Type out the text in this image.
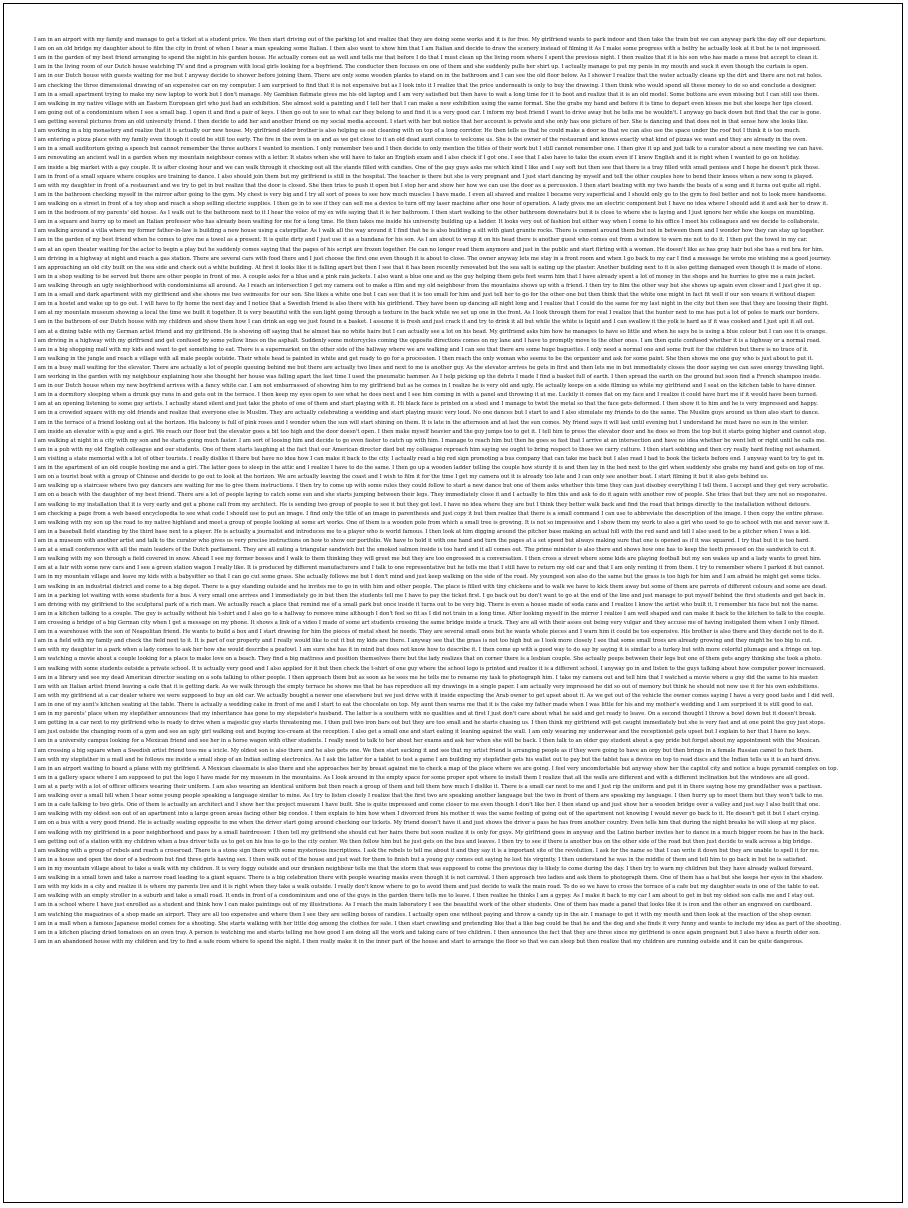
I am in an airport with my family and manage to get a ticket at a student price. We then start driving out of the parking lot and realize that they are doing some works and it is for free. My girlfriend wants to park indoor and then take the train but we can anyway park the day off our departure.
I am on an old bridge my daughter about to film the city in front of when I hear a man speaking some Italian. I then also want to show him that I am Italian and decide to draw the scenery instead of filming it As I make some progress with a belfry he actually look at it but he is not impressed.
I am in the garden of my best friend arranging to spend the night in his garden house. He actually comes out as well and tells me that before I do that I must clean up the living room where I spent the previous night. I then realize that it is his son who has made a mess but accept to clean it.
I am in the living room of our Dutch house watching TV and find a program with local girls looking for a boyfriend. The conductor then focuses on one of them and she suddenly pulls her shirt up. I actually manage to put my penis in my mouth and suck it even though the curtain is open.
I am in our Dutch house with guests waiting for me but I anyway decide to shower before joining them. There are only some wooden planks to stand on in the bathroom and I can see the old floor below. As I shower I realize that the water actually cleans up the dirt and there are not rat holes.
I am checking the three dimensional drawing of an expensive car on my computer. I am surprised to find that it is not expensive but as I look into it I realize that the price underneath is only to buy the drawing. I then think who would spend all these money to do so and conclude a designer.
I am in a small apartment trying to make my new laptop to work but I don't manage. My Gambian flatmate gives me his old laptop and I am very satisfied but then have to wait a long time for it to boot and realize that it is an old model. Some buttons are even missing but I can still use them.
I am walking in my native village with an Eastern European girl who just had an exhibition. She almost sold a painting and I tell her that I can make a new exhibition using the same format. She the grabs my hand and before it is time to depart even kisses me but she keeps her lips closed.
I am going out of a condominium when I see a small bag. I open it and find a pair of keys. I then go out to see to what car they belong to and find it is a very good car. I inform my best friend I want to drive away but he tells me he wouldn't. I anyway go back down but find that the car is gone.
I am getting several pictures from an old university friend. I then decide to add her and another friend on my social media account. I start with her but notice that her account is private and she only has one picture of her. She is dancing and that does not in that sense how she looks like.
I am working in a big monastery and realize that it is actually our new house. My girlfriend older brother is also helping us out cleaning with on top of a long corridor. He then tells us that he could make a door so that we can also use the space under the roof but I think it is too much.
I am entering a pizza place with my family even though it could be still too early. The fire in the oven is on and as we get close to it an old dead aunt comes to welcome us. She is the owner of the restaurant and knows exactly what kind of pizzas we want and they are already in the oven.
I am in a small auditorium giving a speech but cannot remember the three authors I wanted to mention. I only remember two and I then decide to only mention the titles of their work but I still cannot remember one. I then give it up and just talk to a curator about a new meeting we can have.
I am renovating an ancient wall in a garden when my mountain neighbour comes with a letter. It states when she will have to take an English exam and I also check if I got one. I see that I also have to take the exam even if I know English and it is right when I wanted to go on holiday.
I am inside a big market with a gay couple. It is after closing hour and we can walk through it checking out all the stands filled with candies. One of the gay guys asks me which kind I like and I say soft but then see that there is a tray filled with small penises and I hope he doesn't pick those.
I am in front of a small square where couples are training to dance. I also should join them but my girlfriend is still in the hospital. The teacher is there but she is very pregnant and I just start dancing by myself and tell the other couples how to bend their knees when a new song is played.
I am with my daughter in front of a restaurant and we try to get in but realize that the door is closed. She then tries to push it open but I stop her and show her how we can use the door as a percussion. I then start beating with my two hands the beats of a song and it turns out quite all right.
I am in the bathroom checking myself in the mirror after going to the gym. My chest is very big and I try all sort of poses to see how much muscles I have made. I even all shaved and realize I became very superficial and I should only go to the gym to feel better and not to look more handsome.
I am walking on a street in front of a toy shop and reach a shop selling electric supplies. I then go in to see if they can sell me a device to turn off my laser machine after one hour of operation. A lady gives me an electric component but I have no idea where I should add it and ask her to draw it.
I am in the bedroom of my parents' old house. As I walk out to the bathroom next to it I hear the voice of my ex wife saying that it is her bathroom. I then start walking to the other bathroom downstairs but it is close to where she is laying and I just ignore her while she keeps on mumbling.
I am in a square and hurry up to meet an Italian professor who has already been waiting for me for a long time. He then takes me inside his university building up a ladder. It looks very out of fashion but either way when I come to his office I meet his colleagues and we decide to collaborate.
I am walking around a villa where my former father-in-law is building a new house using a caterpillar. As I walk all the way around it I find that he is also building a silt with giant granite rocks. There is cement around them but not in between them and I wonder how they can stay up together.
I am in the garden of my best friend when he comes to give me a towel as a present. It is quite dirty and I just use it as a bandana for his son. As I am about to wrap it on his head there is another guest who comes out from a window to warn me not to do it. I then put the towel in my car.
I am at an open theater waiting for the actor to begin a play but he suddenly comes saying that the pages of his script are frozen together. He can no longer read them anymore and just in the public and start flirting with a woman. He doesn't like as has gray hair but she has a red bra for him.
I am driving in a highway at night and reach a gas station. There are several cars with food there and I just choose the first one even though it is about to close. The owner anyway lets me stay in a front room and when I go back to my car I find a message he wrote me wishing me a good journey.
I am approaching an old city built on the sea side and check out a white building. At first it looks like it is falling apart but then I see that it has been recently renovated but the sea salt is eating up the plaster. Another building next to it is also getting damaged even though it is made of stone.
I am in a shop waiting to be served but there are other people in front of me. A couple asks for a blue and a pink rain jackets. I also want a blue one and as the guy helping them gets feet warm him that I have already spent a lot of money in the shops and he hurries to give me a rain jacket.
I am walking through an ugly neighborhood with condominiums all around. As I reach an intersection I get my camera out to make a film and my old neighbour from the mountains shows up with a friend. I then try to film the other way but she shows up again even closer and I just give it up.
I am in a small and dark apartment with my girlfriend and she shows me two swimsuits for our son. She likes a white one but I can see that it is too small for him and just tell her to go for the other one but then think that the white one might in fact fit well if our son wears it without diaper.
I am in a hostel and wake up to go out. I will have to fly home the next day and I notice that a Swedish friend is also there with his girlfriend. They have been up dancing all night long and I realize that I could do the same for my last night in the city but then see that they are loosing their flight.
I am at my mountain museum showing a local the time we built it together. It is very beautiful with the sun light going through a texture in the back while we set up one in the front. As I look through them for real I realize that the hunter next to me has put a lot of poles to mark our borders.
I am in the bathroom of our Dutch house with my children and show them how I can drink an egg we just found in a basket. I assume it is fresh and just crack it and try to drink it all but while the white is liquid and I can swallow it the yolk is hard as if it was cooked and I just spit it all out.
I am at a dining table with my German artist friend and my girlfriend. He is showing off saying that he almost has no white hairs but I can actually see a lot on his head. My girlfriend asks him how he manages to have so little and when he says he is using a blue colour but I can see it is orange.
I am driving in a highway with my girlfriend and get confused by some yellow lines on the asphalt. Suddenly some motorcycles coming the opposite directions comes on my lane and I have to promptly move to the other ones. I am then quite confused whether it is a highway or a normal road.
I am in a big shopping mall with my kids and want to get something to eat. There is a supermarket on the other side of the hallway where we are walking and I can see that there are some huge baguettes. I only need a normal one and some fruit for the children but there is no trace of it.
I am walking in the jungle and reach a village with all male people outside. Their whole head is painted in white and get ready to go for a procession. I then reach the only woman who seems to be the organizer and ask for some paint. She then shows me one guy who is just about to put it.
I am in a busy mall waiting for the elevator. There are actually a lot of people queuing behind me but there are actually two lines and next to me is another guy. As the elevator arrives he gets in first and then lets me in but immediately closes the door saying we can save energy traveling light.
I am working in the garden with my neighbour explaining how she thought her house was falling apart the last time I used the pneumatic hammer. As I help picking up the debris I made I find a basket full of earth. I then spread the earth on the ground but soon find a French shampoo inside.
I am in our Dutch house when my new boyfriend arrives with a fancy white car. I am not embarrassed of showing him to my girlfriend but as he comes in I realize he is very old and ugly. He actually keeps on a side filming us while my girlfriend and I seat on the kitchen table to have dinner.
I am in a dormitory sleeping when a drunk guy runs in and gets out in the terrace. I then keep my eyes open to see what he does next and I see him coming in with a panel and throwing it at me. Luckily it comes flat on my face and I realize it could have hurt me if it would have been turned.
I am at an opening listening to some gay artists. I actually stand silent and just take the photo of one of them and start playing with it. Hi black face is printed on a steel and I manage to twist the metal so that the face gets deformed. I then show it to him and he is very impressed and happy.
I am in a crowded square with my old friends and realize that everyone else is Muslim. They are actually celebrating a wedding and start playing music very loud. No one dances but I start to and I also stimulate my friends to do the same. The Muslim guys around us then also start to dance.
I am in the terrace of a friend looking out at the horizon. His balcony is full of pink roses and I wonder when the sun will start shining on them. It is late in the afternoon and at last the sun comes. My friend says it will last until evening but I understand he must have no sun in the winter.
I am inside an elevator with a guy and a girl. We reach our floor but the elevator goes a bit too high and the door doesn't open. I then make myself heavier and the guy jumps too to get it. I tell him to press the elevator door and he does so from the top but it starts going higher and cannot stop.
I am walking at night in a city with my son and he starts going much faster. I am sort of loosing him and decide to go even faster to catch up with him. I manage to reach him but then he goes so fast that I arrive at an intersection and have no idea whether he went left or right until he calls me.
I am in a pub with my old English colleague and our students. One of them starts laughing at the fact that our American director died but my colleague reproach him saying we ought to bring respect to those we carry culture. I then start sobbing and then cry really hard feeling not ashamed.
I am visiting a state memorial with a lot of other tourists. I really dislike it there but have no idea how I can make it back to the city. I actually read a big red sign promoting a bus company that can take me back but I also read I had to book the tickets before end. I anyway want to try to get in.
I am in the apartment of an old couple hosting me and a girl. The latter goes to sleep in the attic and I realize I have to do the same. I then go up a wooden ladder telling the couple how sturdy it is and then lay in the bed next to the girl when suddenly she grabs my hand and gets on top of me.
I am on a tourist boat with a group of Chinese and decide to go out to look at the horizon. We are actually leaving the coast and I wish to film it for the time I get my camera out it is already too late and I can only see another boat. I start filming it but it also gets behind us.
I am walking up a staircase where two gay dancers are waiting for me to give them instructions. I then try to come up with some rules they could follow to start a new dance but one of them asks whether this time they can just disobey everything I tell them. I accept and they get very acrobatic.
I am on a beach with the daughter of my best friend. There are a lot of people laying to catch some sun and she starts jumping between their legs. They immediately close it and I actually to film this and ask to do it again with another row of people. She tries that but they are not so responsive.
I am walking to my installation that it is very early and get a phone call from my architect. He is sending two group of people to see it but they got lost. I have no idea where they are but I think they better walk back and find the road that brings directly to the installation without detours.
I am checking a page from a web based encyclopedia to see what code I should use to put an image. I find only the title of an image in parenthesis and just copy it but then realize that there is a small command I can use to abbreviate the description of the image. I then copy the entire phrase.
I am walking with my son up the road to my native highland and meet a group of people looking at some art works. One of them is a wooden pole from which a small tree is growing. It is not so impressive and I show them my work to also a girl who used to go to school with me and never saw it.
I am in a baseball field standing by the third base next to a player. He is actually a journalist and introduces me to a player who is world famous. I then look at him digging around the pitcher base making an actual hill with the red sand and tell I also used to be a pitcher when I was a kid.
I am in a museum with another artist and talk to the curator who gives us very precise instructions on how to show our portfolio. We have to hold it with one hand and turn the pages at a set speed but always making sure that one is opened as if it was squared. I try that but it is too hard.
I am at a small conference with all the main leaders of the Dutch parliament. They are all eating a triangular sandwich but the smoked salmon inside is too hard and it all comes out. The prime minister is also there and shows how one has to keep the teeth pressed on the sandwich to cut it.
I am walking with my son through a field covered in snow. Ahead I see my former bosses and I walk to them thinking they will greet me but they are too engrossed in a conversation. I then cross a street where some kids are playing football but my son wakes up and a lady wants to greet him.
I am at a fair with some new cars and I see a green station wagon I really like. It is produced by different manufacturers and I talk to one representative but he tells me that I still have to return my old car and that I am only renting it from them. I try to remember where I parked it but cannot.
I am in my mountain village and leave my kids with a babysitter so that I can go cut some grass. She actually follows me but I don't mind and just keep walking on the side of the road. My youngest son also do the same but the grass is too high for him and I am afraid he might get some ticks.
I am walking in an industrial district and come to a big depot. There is a guy standing outside and he invites me to go in with him and other people. The place is filled with tiny chickens and to walk we have to kick them away but some of them are parrots of different colours and some are dead.
I am in a parking lot waiting with some students for a bus. A very small one arrives and I immediately go in but then the students tell me I have to pay the ticket first. I go back out bu don't want to go at the end of the line and just manage to put myself behind the first students and get back in.
I am driving with my girlfriend to the sculptural park of a rich man. We actually reach a place that remind me of a small park but once inside it turns out to be very big. There is even a house made of soda cans and I realize I know the artist who built it. I remember his face but not the name.
I am in a kitchen talking to a couple. The guy is actually without his t-shirt and I also go to a hallway to remove mine although I don't feel so fit as I did not train in a long time. After looking myself in the mirror I realize I am well shaped and can make it back to the kitchen to talk to the couple.
I am crossing a bridge of a big German city when I get a message on my phone. It shows a link of a video I made of some art students crossing the same bridge inside a truck. They are all with their asses out being very vulgar and they accuse me of having instigated them when I only filmed.
I am in a warehouse with the son of Neapolitan friend. He wants to build a box and I start drawing for him the pieces of metal sheet he needs. They are several small ones but he wants whole pieces and I warn him it could be too expensive. His brother is also there and they decide not to do it.
I am in a field with my family and check the field next to it. It is part of our property and I really would like to cut it but my kids are there. I anyway see that the grass is not too high but as I look more closely I see that some small trees are already growing and they might be too big to cut.
I am with my daughter in a park when a lady comes to ask her how she would describe a peafowl. I am sure she has it in mind but does not know how to describe it. I then come up with a good way to do say by saying it is similar to a turkey but with more colorful plumage and a fringe on top.
I am watching a movie about a couple looking for a place to make love on a beach. They find a big mattress and position themselves there but the lady realizes that on corner there is a lesbian couple. She actually peeps between their legs but one of them gets angry thinking she took a photo.
I am walking with some students outside a private school. It is actually very good and I also applied for it but then check the t-shirt of one guy where the school logo is printed and realize it is a different school. I anyway go in and listen to the guys talking about how computer power increased.
I am in a library and see my dead American director seating on a sofa talking to other people. I then approach them but as soon as he sees me he tells me to rename my task to photograph him. I take my camera out and tell him that I watched a movie where a guy did the same to his master.
I am with an Italian artist friend leaving a cafe that it is getting dark. As we walk through the empty terrace he shows me that he has reproduce all my drawings in a single paper. I am actually very impressed he did so out of memory but think he should not now use it for his own exhibitions.
I am with my girlfriend at a car dealer where we were supposed to buy an old car. We actually bought a newer one elsewhere but we just drive with it inside expecting the Arab owner to get upset about it. As we get out of the vehicle the owner comes saying I have a very good taste and I did well.
I am in one of my aunt's kitchen seating at the table. There is actually a wedding cake in front of me and I start to eat the chocolate on top. My aunt then warns me that it is the cake my father made when I was little for his and my mother's wedding and I am surprised it is still good to eat.
I am in my parents' place when my stepfather announces that my inheritance has gone to my stepsister's husband. The latter is a southern with no qualities and at first I just don't care about what he said and get ready to leave. On a second thought I throw a bowl down but it doesn't break.
I am getting in a car next to my girlfriend who is ready to drive when a majestic guy starts threatening me. I then pull two iron bars out but they are too small and he starts chasing us. I then think my girlfriend will get caught immediately but she is very fast and at one point the guy just stops.
I am just outside the changing room of a gym and see an ugly girl walking out and buying ice-cream at the reception. I also get a small one and start eating it leaning against the wall. I am only wearing my underwear and the receptionist gets upset but I explain to her that I have no keys.
I am in a university campus looking for a Mexican friend and see her in a horse wagon with other students. I really need to talk to her about her exams and ask her when she will be back. I then talk to an older gay student about a gay pride but forget about my appointment with the Mexican.
I am crossing a big square when a Swedish artist friend toss me a icicle. My oldest son is also there and he also gets one. We then start sucking it and see that my artist friend is arranging people as if they were going to have an orgy but then brings in a female Russian camel to fuck them.
I am with my stepfather in a mall and he follows me inside a small shop of an Indian selling electronics. As I ask the latter for a tablet to test a game I am building my stepfather gets his wallet out to pay but the tablet has a device on top to read discs and the Indian tells us it is an hard drive.
I am in an airport waiting to board a plane with my girlfriend. A Mexican classmate is also there and she approaches her by breast against me to check a map of the place where we are going. I feel very uncomfortable but anyway show her the capitol city and notice a huge pyramid complex on top.
I am in a gallery space where I am supposed to put the logo I have made for my museum in the mountains. As I look around in the empty space for some proper spot where to install them I realize that all the walls are different and with a different inclination but the windows are all good.
I am at a party with a lot of officer officers wearing their uniform. I am also wearing an identical uniform but then reach a group of them and tell them how much I dislike it. There is a small car next to me and I just rip the uniform and put it in there saying how my grandfather was a partisan.
I am walking over a small hill when I hear some young people speaking a language similar to mine. As I try to listen closely I realize that the first two are speaking another language but the two in front of them are speaking my language. I then hurry up to meet them but they won't talk to me.
I am in a cafe talking to two girls. One of them is actually an architect and I show her the project museum I have built. She is quite impressed and come closer to me even though I don't like her. I then stand up and just show her a wooden bridge over a valley and just say I also built that one.
I am walking with my oldest son out of an apartment into a large green areas facing other big condos. I then explain to him how when I divorced from his mother it was the same feeling of going out of the apartment not knowing I would never go back to it. He doesn't get it but I start crying.
I am on a bus with a very good friend. He is actually seating opposite to me when the driver start going around checking our tickets. My friend doesn't have it and just shows the driver a pass he has from another country. Even tells him that during the night breaks he will sleep at my place.
I am walking with my girlfriend in a poor neighborhood and pass by a small hairdresser. I then tell my girlfriend she should cut her hairs there but soon realize it is only for guys. My girlfriend goes in anyway and the Latino barber invites her to dance in a much bigger room he has in the back.
I am getting out of a station with my children when a bus driver tells us to get on his bus to go to the city center. We then follow him but he just gets on the bus and leaves. I then try to see if there is another bus on the other side of the road but then just decide to walk across a big bridge.
I am walking with a group of rebels and reach a crossroad. There is a stone sign there with some mysterious inscriptions. I ask the rebels to tell me about it and they say it is a important site of the revolution. I ask for the name so that I can write it down but they are unable to spell it for me.
I am in a house and open the door of a bedroom but find three girls having sex. I then walk out of the house and just wait for them to finish but a young guy comes out saying he lost his virginity. I then understand he was in the middle of them and tell him to go back in but he is satisfied.
I am in my mountain village about to take a walk with my children. It is very foggy outside and our drunken neighbour tells me that the storm that was supposed to come the previous day is likely to come during the day. I then try to warn my children but they have already walked forward.
I am walking in a small town and take a narrow road leading to a giant square. There is a big celebration there with people wearing masks even though it is not carnival. I then approach two ladies and ask them to photograph them. One of them has a hat but she keeps her eyes in the shadow.
I am with my kids in a city and realize it is where my parents live and it is right when they take a walk outside. I really don't know where to go to avoid them and just decide to walk the main road. To do so we have to cross the terrace of a cafe but my daughter seats in one of the table to eat.
I am walking with an empty stroller in a suburb and take a small road. It ends in front of a condominium and one of the guys in the garden there tells me to leave. I then realize he thinks I am a gypsy. As I make it back to my car I am about to get in but my oldest son calls me and I stay out.
I am in a school where I have just enrolled as a student and think how I can make paintings out of my illustrations. As I reach the main laboratory I see the beautiful work of the other students. One of them has made a panel that looks like it is iron and the other an engraved on cardboard.
I am watching the magazines of a shop made an airport. They are all too expensive and where then I see they are selling boxes of candies. I actually open one without paying and throw a candy up in the air. I manage to get it with my mouth and then look at the reaction of the shop owner.
I am in a mall when a famous Japanese model comes for a shooting. She starts walking with her little dog among the clothes for sale. I then start crawling and pretending like that a like bag could be that he and the dog and she finds it very funny and wants to include my idea as part of the shooting.
I am in a kitchen placing dried tomatoes on an oven tray. A person is watching me and starts telling me how good I am doing all the work and taking care of two children. I then announce the fact that they are three since my girlfriend is once again pregnant but I also have a fourth older son.
I am in an abandoned house with my children and try to find a safe room where to spend the night. I then really make it in the inner part of the house and start to arrange the floor so that we can sleep but then realize that my children are running outside and it can be quite dangerous.
